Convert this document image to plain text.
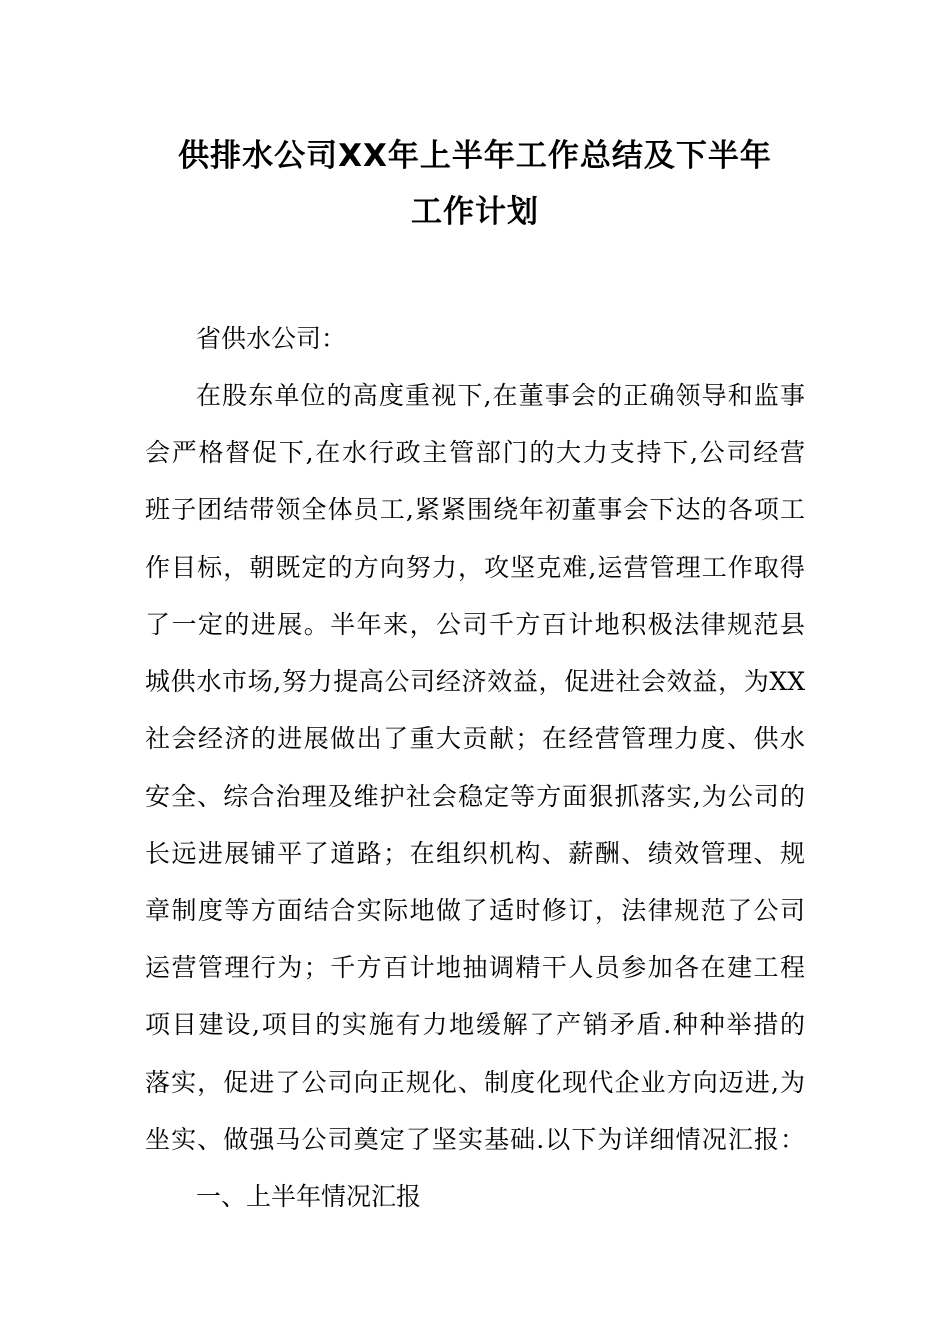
供排水公司XX年上半年工作总结及下半年
工作计划
省供水公司：
在股东单位的高度重视下,在董事会的正确领导和监事
会严格督促下,在水行政主管部门的大力支持下,公司经营
班子团结带领全体员工,紧紧围绕年初董事会下达的各项工
作目标，朝既定的方向努力，攻坚克难,运营管理工作取得
了一定的进展。半年来，公司千方百计地积极法律规范县
城供水市场,努力提高公司经济效益，促进社会效益，为XX
社会经济的进展做出了重大贡献；在经营管理力度、供水
安全、综合治理及维护社会稳定等方面狠抓落实,为公司的
长远进展铺平了道路；在组织机构、薪酬、绩效管理、规
章制度等方面结合实际地做了适时修订，法律规范了公司
运营管理行为；千方百计地抽调精干人员参加各在建工程
项目建设,项目的实施有力地缓解了产销矛盾.种种举措的
落实，促进了公司向正规化、制度化现代企业方向迈进,为
坐实、做强马公司奠定了坚实基础.以下为详细情况汇报：
一、上半年情况汇报
